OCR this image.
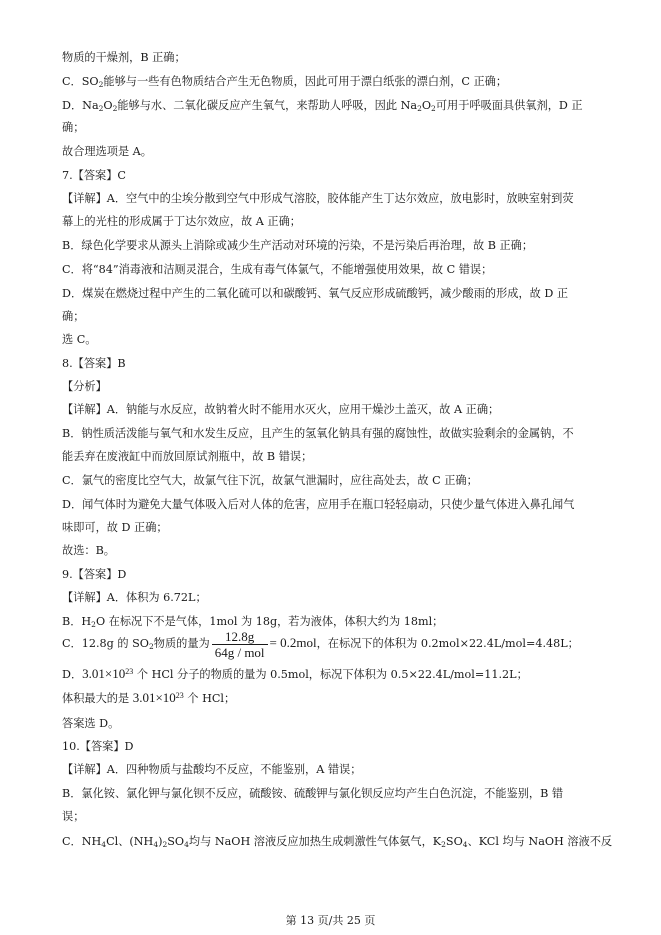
物质的干燥剂，B 正确；
C．$SO_2$能够与一些有色物质结合产生无色物质，因此可用于漂白纸张的漂白剂，C 正确；
D．$Na_2O_2$能够与水、二氧化碳反应产生氧气，来帮助人呼吸，因此 $Na_2O_2$可用于呼吸面具供氧剂，D 正
确；
故合理选项是 A。
7.【答案】C
【详解】A．空气中的尘埃分散到空气中形成气溶胶，胶体能产生丁达尔效应，放电影时，放映室射到荧
幕上的光柱的形成属于丁达尔效应，故 A 正确；
B．绿色化学要求从源头上消除或减少生产活动对环境的污染，不是污染后再治理，故 B 正确；
C．将“84”消毒液和洁厕灵混合，生成有毒气体氯气，不能增强使用效果，故 C 错误；
D．煤炭在燃烧过程中产生的二氧化硫可以和碳酸钙、氧气反应形成硫酸钙，减少酸雨的形成，故 D 正
确；
选 C。
8.【答案】B
【分析】
【详解】A．钠能与水反应，故钠着火时不能用水灭火，应用干燥沙土盖灭，故 A 正确；
B．钠性质活泼能与氧气和水发生反应，且产生的氢氧化钠具有强的腐蚀性，故做实验剩余的金属钠，不
能丢弃在废液缸中而放回原试剂瓶中，故 B 错误；
C．氯气的密度比空气大，故氯气往下沉，故氯气泄漏时，应往高处去，故 C 正确；
D．闻气体时为避免大量气体吸入后对人体的危害，应用手在瓶口轻轻扇动，只使少量气体进入鼻孔闻气
味即可，故 D 正确；
故选：B。
9.【答案】D
【详解】A．体积为 6.72L；
B．$H_2O$ 在标况下不是气体，1mol 为 18g，若为液体，体积大约为 18ml；
C．12.8g 的 $SO_2$物质的量为 $\frac{12.8g}{\text{64g / mol}} = 0.2mol$，在标况下的体积为 0.2mol×22.4L/mol=4.48L；
D．$3.01\times 10^{23}$ 个 HCl 分子的物质的量为 0.5mol，标况下体积为 0.5×22.4L/mol=11.2L；
体积最大的是 $3.01\times 10^{23}$ 个 HCl；
答案选 D。
10.【答案】D
【详解】A．四种物质与盐酸均不反应，不能鉴别，A 错误；
B．氯化铵、氯化钾与氯化钡不反应，硫酸铵、硫酸钾与氯化钡反应均产生白色沉淀，不能鉴别，B 错
误；
C．$NH_4Cl$、$(NH_4)_2SO_4$均与 NaOH 溶液反应加热生成刺激性气体氨气，$K_2SO_4$、KCl 均与 NaOH 溶液不反
第 13 页/共 25 页
